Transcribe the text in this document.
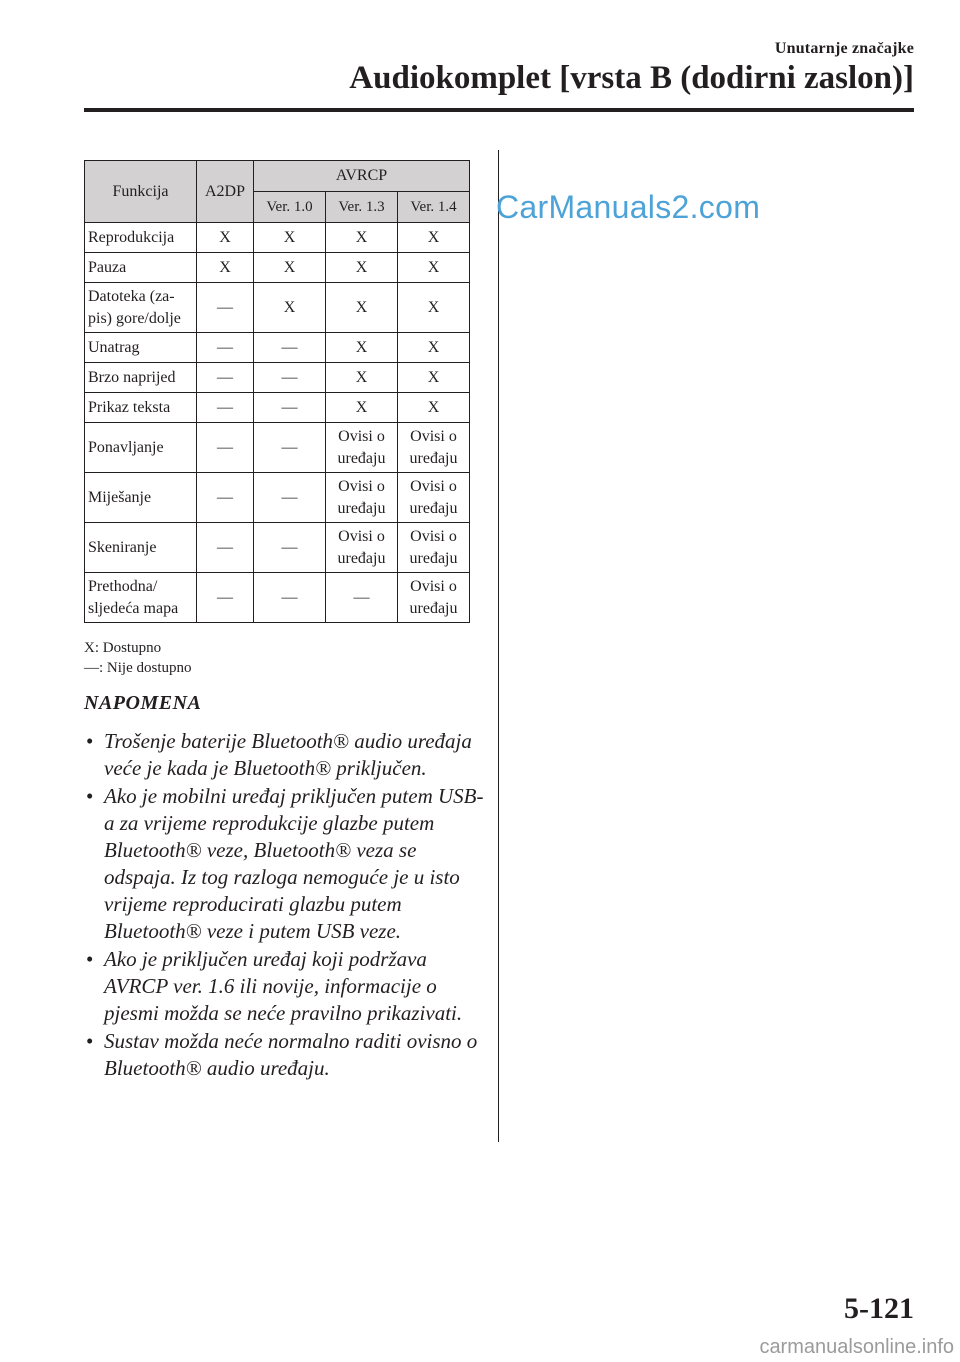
Unutarnje značajke
Audiokomplet [vrsta B (dodirni zaslon)]
CarManuals2.com
Funkcija	A2DP	AVRCP		
		Ver. 1.0	Ver. 1.3	Ver. 1.4
Reprodukcija	X	X	X	X
Pauza	X	X	X	X
Datoteka (za-pis) gore/dolje	—	X	X	X
Unatrag	—	—	X	X
Brzo naprijed	—	—	X	X
Prikaz teksta	—	—	X	X
Ponavljanje	—	—	Ovisi o uređaju	Ovisi o uređaju
Miješanje	—	—	Ovisi o uređaju	Ovisi o uređaju
Skeniranje	—	—	Ovisi o uređaju	Ovisi o uređaju
Prethodna/ sljedeća mapa	—	—	—	Ovisi o uređaju
X: Dostupno
—: Nije dostupno
NAPOMENA
• Trošenje baterije Bluetooth® audio uređaja veće je kada je Bluetooth® priključen.
• Ako je mobilni uređaj priključen putem USB-a za vrijeme reprodukcije glazbe putem Bluetooth® veze, Bluetooth® veza se odspaja. Iz tog razloga nemoguće je u isto vrijeme reproducirati glazbu putem Bluetooth® veze i putem USB veze.
• Ako je priključen uređaj koji podržava AVRCP ver. 1.6 ili novije, informacije o pjesmi možda se neće pravilno prikazivati.
• Sustav možda neće normalno raditi ovisno o Bluetooth® audio uređaju.
5-121
carmanualsonline.info
